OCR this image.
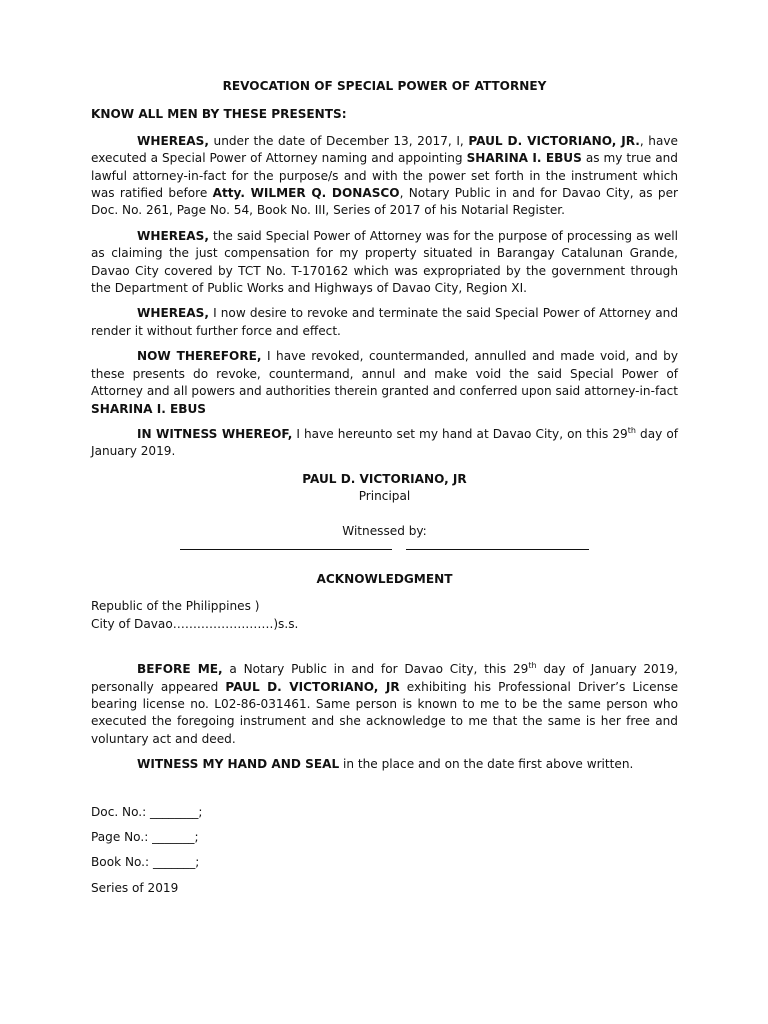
REVOCATION OF SPECIAL POWER OF ATTORNEY
KNOW ALL MEN BY THESE PRESENTS:

WHEREAS, under the date of December 13, 2017, I, PAUL D. VICTORIANO, JR., have executed a Special Power of Attorney naming and appointing SHARINA I. EBUS as my true and lawful attorney-in-fact for the purpose/s and with the power set forth in the instrument which was ratified before Atty. WILMER Q. DONASCO, Notary Public in and for Davao City, as per Doc. No. 261, Page No. 54, Book No. III, Series of 2017 of his Notarial Register.

WHEREAS, the said Special Power of Attorney was for the purpose of processing as well as claiming the just compensation for my property situated in Barangay Catalunan Grande, Davao City covered by TCT No. T-170162 which was expropriated by the government through the Department of Public Works and Highways of Davao City, Region XI.

WHEREAS, I now desire to revoke and terminate the said Special Power of Attorney and render it without further force and effect.

NOW THEREFORE, I have revoked, countermanded, annulled and made void, and by these presents do revoke, countermand, annul and make void the said Special Power of Attorney and all powers and authorities therein granted and conferred upon said attorney-in-fact SHARINA I. EBUS

IN WITNESS WHEREOF, I have hereunto set my hand at Davao City, on this 29th day of January 2019.

PAUL D. VICTORIANO, JR
Principal
Witnessed by:
ACKNOWLEDGMENT
Republic of the Philippines )
City of Davao…………………….)s.s.

BEFORE ME, a Notary Public in and for Davao City, this 29th day of January 2019, personally appeared PAUL D. VICTORIANO, JR exhibiting his Professional Driver’s License bearing license no. L02-86-031461. Same person is known to me to be the same person who executed the foregoing instrument and she acknowledge to me that the same is her free and voluntary act and deed.

WITNESS MY HAND AND SEAL in the place and on the date first above written.

Doc. No.: ________;
Page No.: _______;
Book No.: _______;
Series of 2019
